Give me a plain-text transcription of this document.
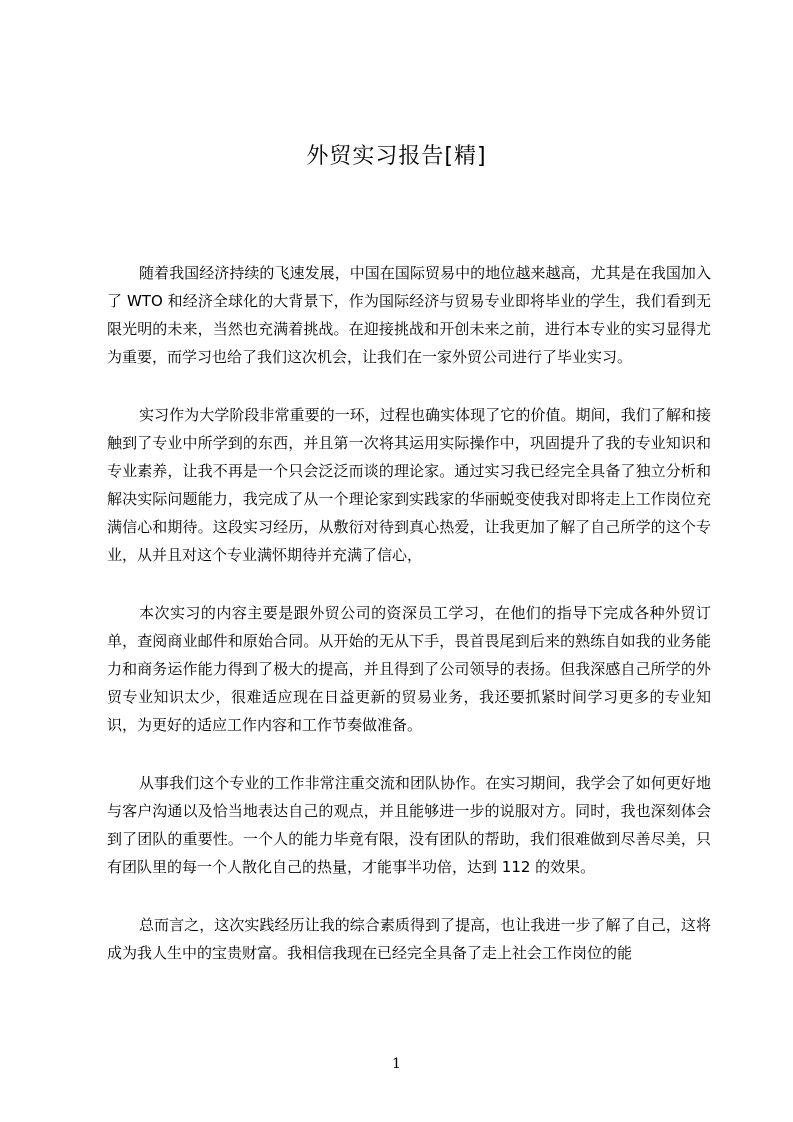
外贸实习报告[精]

随着我国经济持续的飞速发展，中国在国际贸易中的地位越来越高，尤其是在我国加入了 WTO 和经济全球化的大背景下，作为国际经济与贸易专业即将毕业的学生，我们看到无限光明的未来，当然也充满着挑战。在迎接挑战和开创未来之前，进行本专业的实习显得尤为重要，而学习也给了我们这次机会，让我们在一家外贸公司进行了毕业实习。

实习作为大学阶段非常重要的一环，过程也确实体现了它的价值。期间，我们了解和接触到了专业中所学到的东西，并且第一次将其运用实际操作中，巩固提升了我的专业知识和专业素养，让我不再是一个只会泛泛而谈的理论家。通过实习我已经完全具备了独立分析和解决实际问题能力，我完成了从一个理论家到实践家的华丽蜕变使我对即将走上工作岗位充满信心和期待。这段实习经历，从敷衍对待到真心热爱，让我更加了解了自己所学的这个专业，从并且对这个专业满怀期待并充满了信心，

本次实习的内容主要是跟外贸公司的资深员工学习，在他们的指导下完成各种外贸订单，查阅商业邮件和原始合同。从开始的无从下手，畏首畏尾到后来的熟练自如我的业务能力和商务运作能力得到了极大的提高，并且得到了公司领导的表扬。但我深感自己所学的外贸专业知识太少，很难适应现在日益更新的贸易业务，我还要抓紧时间学习更多的专业知识，为更好的适应工作内容和工作节奏做准备。

从事我们这个专业的工作非常注重交流和团队协作。在实习期间，我学会了如何更好地与客户沟通以及恰当地表达自己的观点，并且能够进一步的说服对方。同时，我也深刻体会到了团队的重要性。一个人的能力毕竟有限，没有团队的帮助，我们很难做到尽善尽美，只有团队里的每一个人散化自己的热量，才能事半功倍，达到 112 的效果。

总而言之，这次实践经历让我的综合素质得到了提高，也让我进一步了解了自己，这将成为我人生中的宝贵财富。我相信我现在已经完全具备了走上社会工作岗位的能

1
